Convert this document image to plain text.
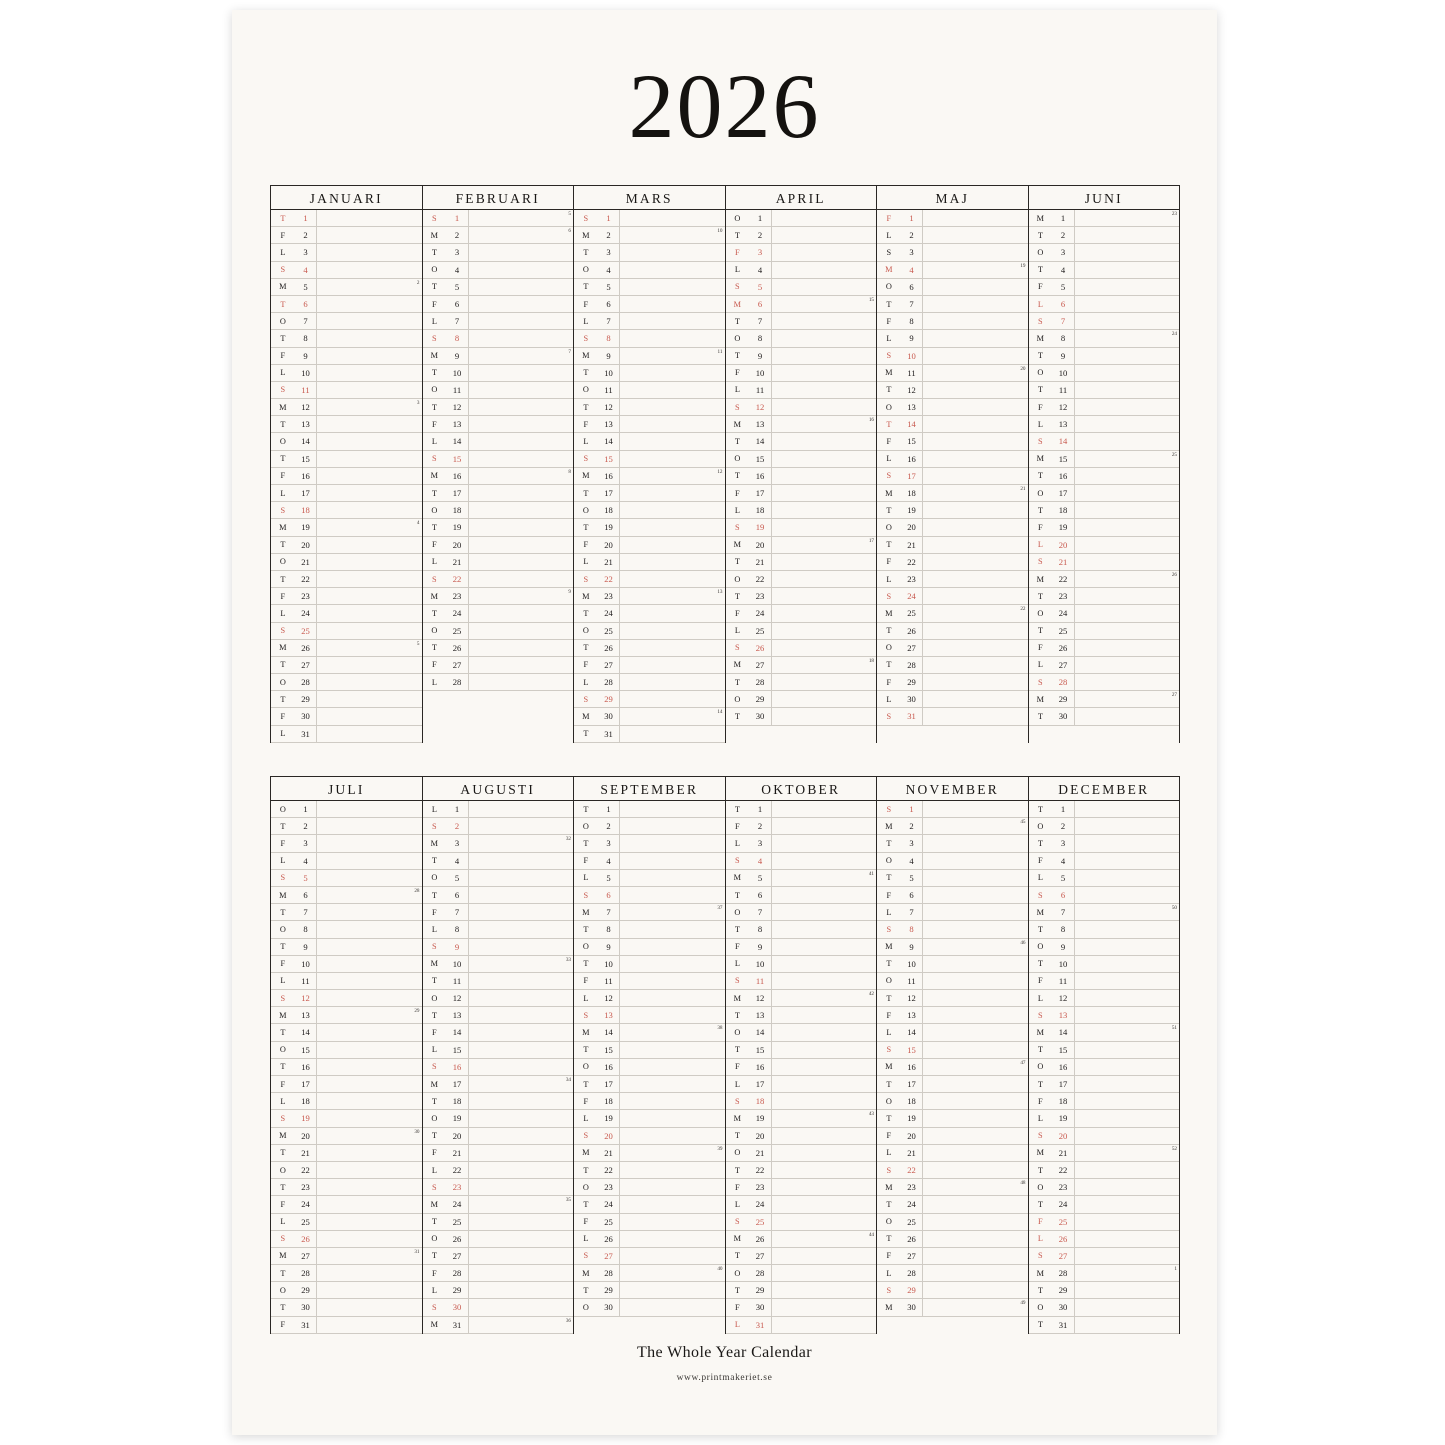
2026
JANUARI
T	1
F	2
L	3
S	4
M	5	2
T	6
O	7
T	8
F	9
L	10
S	11
M	12	3
T	13
O	14
T	15
F	16
L	17
S	18
M	19	4
T	20
O	21
T	22
F	23
L	24
S	25
M	26	5
T	27
O	28
T	29
F	30
L	31
FEBRUARI
S	1	5
M	2	6
T	3
O	4
T	5
F	6
L	7
S	8
M	9	7
T	10
O	11
T	12
F	13
L	14
S	15
M	16	8
T	17
O	18
T	19
F	20
L	21
S	22
M	23	9
T	24
O	25
T	26
F	27
L	28
MARS
S	1
M	2	10
T	3
O	4
T	5
F	6
L	7
S	8
M	9	11
T	10
O	11
T	12
F	13
L	14
S	15
M	16	12
T	17
O	18
T	19
F	20
L	21
S	22
M	23	13
T	24
O	25
T	26
F	27
L	28
S	29
M	30	14
T	31
APRIL
O	1
T	2
F	3
L	4
S	5
M	6	15
T	7
O	8
T	9
F	10
L	11
S	12
M	13	16
T	14
O	15
T	16
F	17
L	18
S	19
M	20	17
T	21
O	22
T	23
F	24
L	25
S	26
M	27	18
T	28
O	29
T	30
MAJ
F	1
L	2
S	3
M	4	19
O	6
T	7
F	8
L	9
S	10
M	11	20
T	12
O	13
T	14
F	15
L	16
S	17
M	18	21
T	19
O	20
T	21
F	22
L	23
S	24
M	25	22
T	26
O	27
T	28
F	29
L	30
S	31
JUNI
M	1	23
T	2
O	3
T	4
F	5
L	6
S	7
M	8	24
T	9
O	10
T	11
F	12
L	13
S	14
M	15	25
T	16
O	17
T	18
F	19
L	20
S	21
M	22	26
T	23
O	24
T	25
F	26
L	27
S	28
M	29	27
T	30
JULI
O	1
T	2
F	3
L	4
S	5
M	6	28
T	7
O	8
T	9
F	10
L	11
S	12
M	13	29
T	14
O	15
T	16
F	17
L	18
S	19
M	20	30
T	21
O	22
T	23
F	24
L	25
S	26
M	27	31
T	28
O	29
T	30
F	31
AUGUSTI
L	1
S	2
M	3	32
T	4
O	5
T	6
F	7
L	8
S	9
M	10	33
T	11
O	12
T	13
F	14
L	15
S	16
M	17	34
T	18
O	19
T	20
F	21
L	22
S	23
M	24	35
T	25
O	26
T	27
F	28
L	29
S	30
M	31	36
SEPTEMBER
T	1
O	2
T	3
F	4
L	5
S	6
M	7	37
T	8
O	9
T	10
F	11
L	12
S	13
M	14	38
T	15
O	16
T	17
F	18
L	19
S	20
M	21	39
T	22
O	23
T	24
F	25
L	26
S	27
M	28	40
T	29
O	30
OKTOBER
T	1
F	2
L	3
S	4
M	5	41
T	6
O	7
T	8
F	9
L	10
S	11
M	12	42
T	13
O	14
T	15
F	16
L	17
S	18
M	19	43
T	20
O	21
T	22
F	23
L	24
S	25
M	26	44
T	27
O	28
T	29
F	30
L	31
NOVEMBER
S	1
M	2	45
T	3
O	4
T	5
F	6
L	7
S	8
M	9	46
T	10
O	11
T	12
F	13
L	14
S	15
M	16	47
T	17
O	18
T	19
F	20
L	21
S	22
M	23	48
T	24
O	25
T	26
F	27
L	28
S	29
M	30	49
DECEMBER
T	1
O	2
T	3
F	4
L	5
S	6
M	7	50
T	8
O	9
T	10
F	11
L	12
S	13
M	14	51
T	15
O	16
T	17
F	18
L	19
S	20
M	21	52
T	22
O	23
T	24
F	25
L	26
S	27
M	28	1
T	29
O	30
T	31
The Whole Year Calendar
www.printmakeriet.se
